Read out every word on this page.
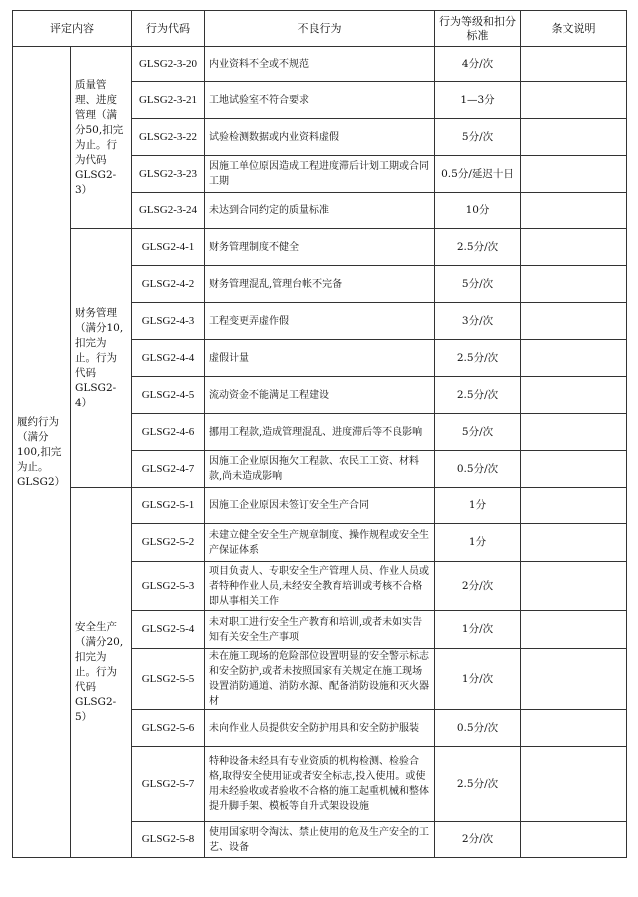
评定内容		行为代码	不良行为	行为等级和扣分标准	条文说明
履约行为（满分100,扣完为止。GLSG2）	质量管理、进度管理（满分50,扣完为止。行为代码GLSG2-3）	GLSG2-3-20	内业资料不全或不规范	4分/次	
		GLSG2-3-21	工地试验室不符合要求	1—3分	
		GLSG2-3-22	试验检测数据或内业资料虚假	5分/次	
		GLSG2-3-23	因施工单位原因造成工程进度滞后计划工期或合同工期	0.5分/延迟十日	
		GLSG2-3-24	未达到合同约定的质量标准	10分	
	财务管理（满分10,扣完为止。行为代码GLSG2-4）	GLSG2-4-1	财务管理制度不健全	2.5分/次	
		GLSG2-4-2	财务管理混乱,管理台帐不完备	5分/次	
		GLSG2-4-3	工程变更弄虚作假	3分/次	
		GLSG2-4-4	虚假计量	2.5分/次	
		GLSG2-4-5	流动资金不能满足工程建设	2.5分/次	
		GLSG2-4-6	挪用工程款,造成管理混乱、进度滞后等不良影响	5分/次	
		GLSG2-4-7	因施工企业原因拖欠工程款、农民工工资、材料款,尚未造成影响	0.5分/次	
	安全生产（满分20,扣完为止。行为代码GLSG2-5）	GLSG2-5-1	因施工企业原因未签订安全生产合同	1分	
		GLSG2-5-2	未建立健全安全生产规章制度、操作规程或安全生产保证体系	1分	
		GLSG2-5-3	项目负责人、专职安全生产管理人员、作业人员或者特种作业人员,未经安全教育培训或考核不合格即从事相关工作	2分/次	
		GLSG2-5-4	未对职工进行安全生产教育和培训,或者未如实告知有关安全生产事项	1分/次	
		GLSG2-5-5	未在施工现场的危险部位设置明显的安全警示标志和安全防护,或者未按照国家有关规定在施工现场设置消防通道、消防水源、配备消防设施和灭火器材	1分/次	
		GLSG2-5-6	未向作业人员提供安全防护用具和安全防护服装	0.5分/次	
		GLSG2-5-7	特种设备未经具有专业资质的机构检测、检验合格,取得安全使用证或者安全标志,投入使用。或使用未经验收或者验收不合格的施工起重机械和整体提升脚手架、模板等自升式架设设施	2.5分/次	
		GLSG2-5-8	使用国家明令淘汰、禁止使用的危及生产安全的工艺、设备	2分/次	
